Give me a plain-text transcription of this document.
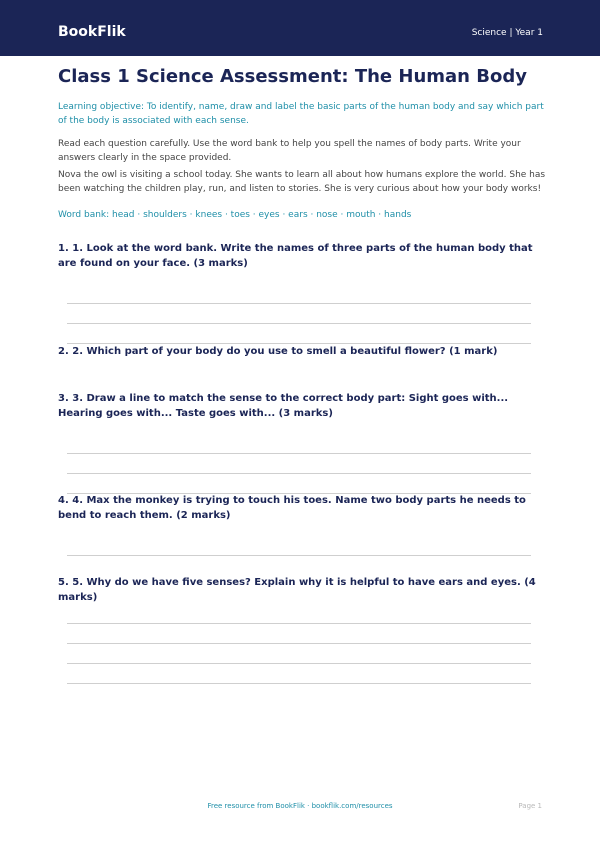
BookFlik	Science | Year 1
Class 1 Science Assessment: The Human Body
Learning objective: To identify, name, draw and label the basic parts of the human body and say which part of the body is associated with each sense.
Read each question carefully. Use the word bank to help you spell the names of body parts. Write your answers clearly in the space provided.
Nova the owl is visiting a school today. She wants to learn all about how humans explore the world. She has been watching the children play, run, and listen to stories. She is very curious about how your body works!
Word bank: head · shoulders · knees · toes · eyes · ears · nose · mouth · hands
1. 1. Look at the word bank. Write the names of three parts of the human body that are found on your face. (3 marks)
2. 2. Which part of your body do you use to smell a beautiful flower? (1 mark)
3. 3. Draw a line to match the sense to the correct body part: Sight goes with... Hearing goes with... Taste goes with... (3 marks)
4. 4. Max the monkey is trying to touch his toes. Name two body parts he needs to bend to reach them. (2 marks)
5. 5. Why do we have five senses? Explain why it is helpful to have ears and eyes. (4 marks)
Free resource from BookFlik · bookflik.com/resources	Page 1
